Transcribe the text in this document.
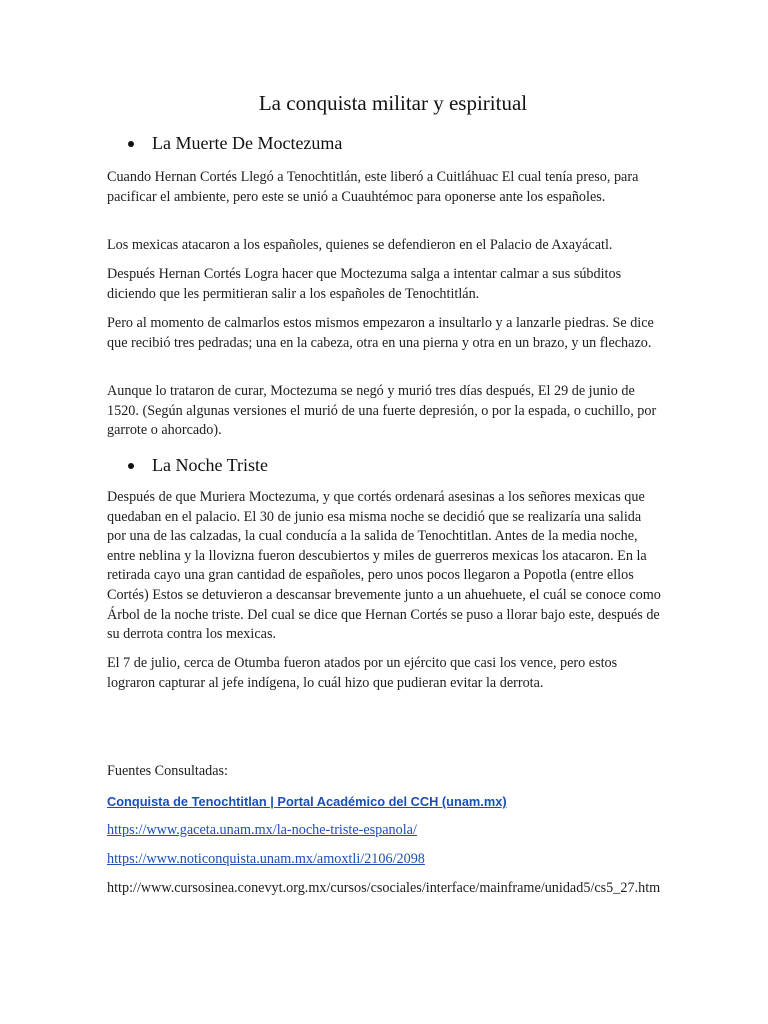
La conquista militar y espiritual
La Muerte De Moctezuma

Cuando Hernan Cortés Llegó a Tenochtitlán, este liberó a Cuitláhuac El cual tenía preso, para pacificar el ambiente, pero este se unió a Cuauhtémoc para oponerse ante los españoles.

Los mexicas atacaron a los españoles, quienes se defendieron en el Palacio de Axayácatl.

Después Hernan Cortés Logra hacer que Moctezuma salga a intentar calmar a sus súbditos diciendo que les permitieran salir a los españoles de Tenochtitlán.

Pero al momento de calmarlos estos mismos empezaron a insultarlo y a lanzarle piedras. Se dice que recibió tres pedradas; una en la cabeza, otra en una pierna y otra en un brazo, y un flechazo.

Aunque lo trataron de curar, Moctezuma se negó y murió tres días después, El 29 de junio de 1520. (Según algunas versiones el murió de una fuerte depresión, o por la espada, o cuchillo, por garrote o ahorcado).

La Noche Triste

Después de que Muriera Moctezuma, y que cortés ordenará asesinas a los señores mexicas que quedaban en el palacio. El 30 de junio esa misma noche se decidió que se realizaría una salida por una de las calzadas, la cual conducía a la salida de Tenochtitlan. Antes de la media noche, entre neblina y la llovizna fueron descubiertos y miles de guerreros mexicas los atacaron. En la retirada cayo una gran cantidad de españoles, pero unos pocos llegaron a Popotla (entre ellos Cortés) Estos se detuvieron a descansar brevemente junto a un ahuehuete, el cuál se conoce como Árbol de la noche triste. Del cual se dice que Hernan Cortés se puso a llorar bajo este, después de su derrota contra los mexicas.

El 7 de julio, cerca de Otumba fueron atados por un ejército que casi los vence, pero estos lograron capturar al jefe indígena, lo cuál hizo que pudieran evitar la derrota.

Fuentes Consultadas:

Conquista de Tenochtitlan | Portal Académico del CCH (unam.mx)

https://www.gaceta.unam.mx/la-noche-triste-espanola/

https://www.noticonquista.unam.mx/amoxtli/2106/2098

http://www.cursosinea.conevyt.org.mx/cursos/csociales/interface/mainframe/unidad5/cs5_27.htm
